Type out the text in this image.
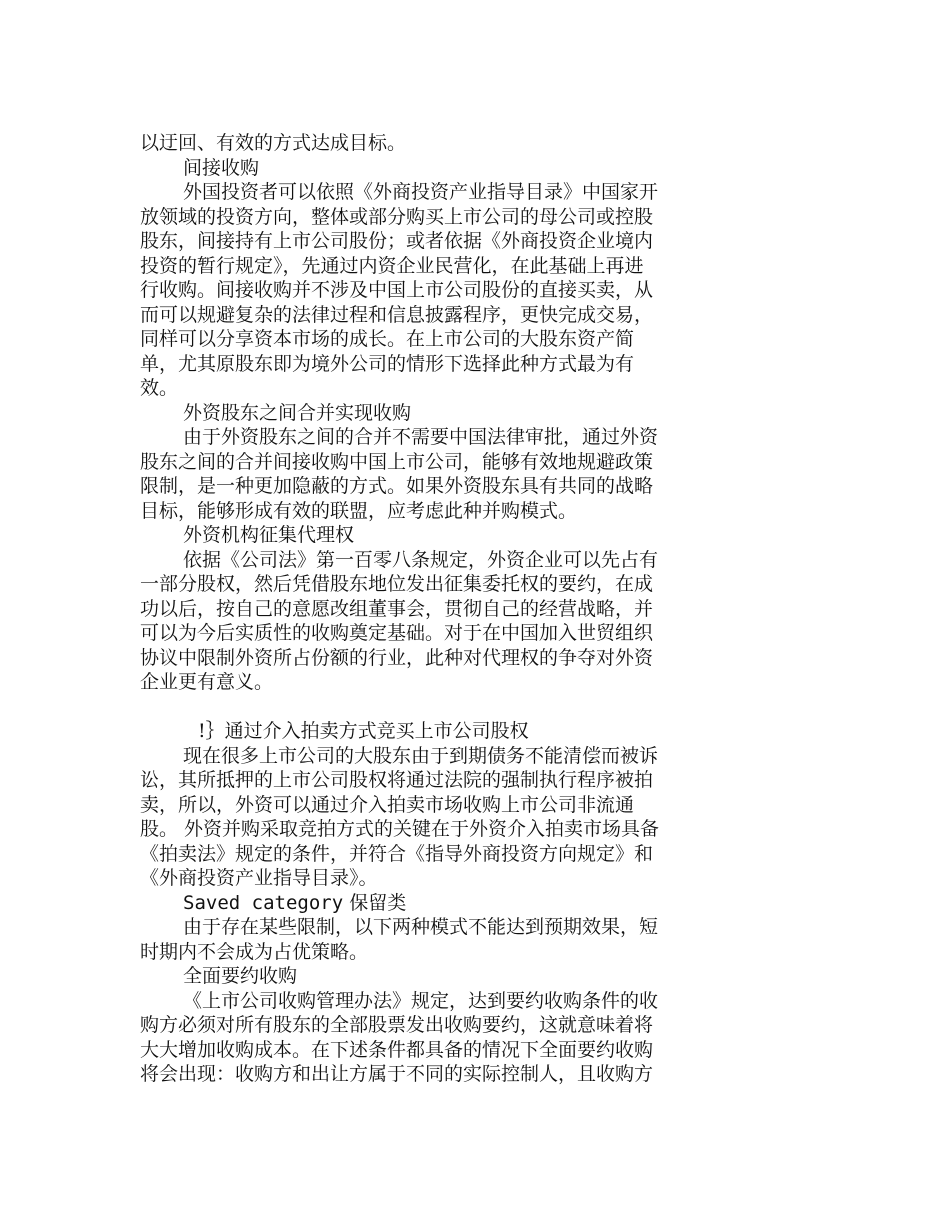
以迂回、有效的方式达成目标。
间接收购
外国投资者可以依照《外商投资产业指导目录》中国家开
放领域的投资方向，整体或部分购买上市公司的母公司或控股
股东，间接持有上市公司股份；或者依据《外商投资企业境内
投资的暂行规定》，先通过内资企业民营化，在此基础上再进
行收购。间接收购并不涉及中国上市公司股份的直接买卖，从
而可以规避复杂的法律过程和信息披露程序，更快完成交易，
同样可以分享资本市场的成长。在上市公司的大股东资产简
单，尤其原股东即为境外公司的情形下选择此种方式最为有
效。
外资股东之间合并实现收购
由于外资股东之间的合并不需要中国法律审批，通过外资
股东之间的合并间接收购中国上市公司，能够有效地规避政策
限制，是一种更加隐蔽的方式。如果外资股东具有共同的战略
目标，能够形成有效的联盟，应考虑此种并购模式。
外资机构征集代理权
依据《公司法》第一百零八条规定，外资企业可以先占有
一部分股权，然后凭借股东地位发出征集委托权的要约，在成
功以后，按自己的意愿改组董事会，贯彻自己的经营战略，并
可以为今后实质性的收购奠定基础。对于在中国加入世贸组织
协议中限制外资所占份额的行业，此种对代理权的争夺对外资
企业更有意义。
!｝通过介入拍卖方式竞买上市公司股权
现在很多上市公司的大股东由于到期债务不能清偿而被诉
讼，其所抵押的上市公司股权将通过法院的强制执行程序被拍
卖，所以，外资可以通过介入拍卖市场收购上市公司非流通
股。 外资并购采取竞拍方式的关键在于外资介入拍卖市场具备
《拍卖法》规定的条件，并符合《指导外商投资方向规定》和
《外商投资产业指导目录》。
Saved category 保留类
由于存在某些限制，以下两种模式不能达到预期效果，短
时期内不会成为占优策略。
全面要约收购
《上市公司收购管理办法》规定，达到要约收购条件的收
购方必须对所有股东的全部股票发出收购要约，这就意味着将
大大增加收购成本。在下述条件都具备的情况下全面要约收购
将会出现：收购方和出让方属于不同的实际控制人，且收购方
